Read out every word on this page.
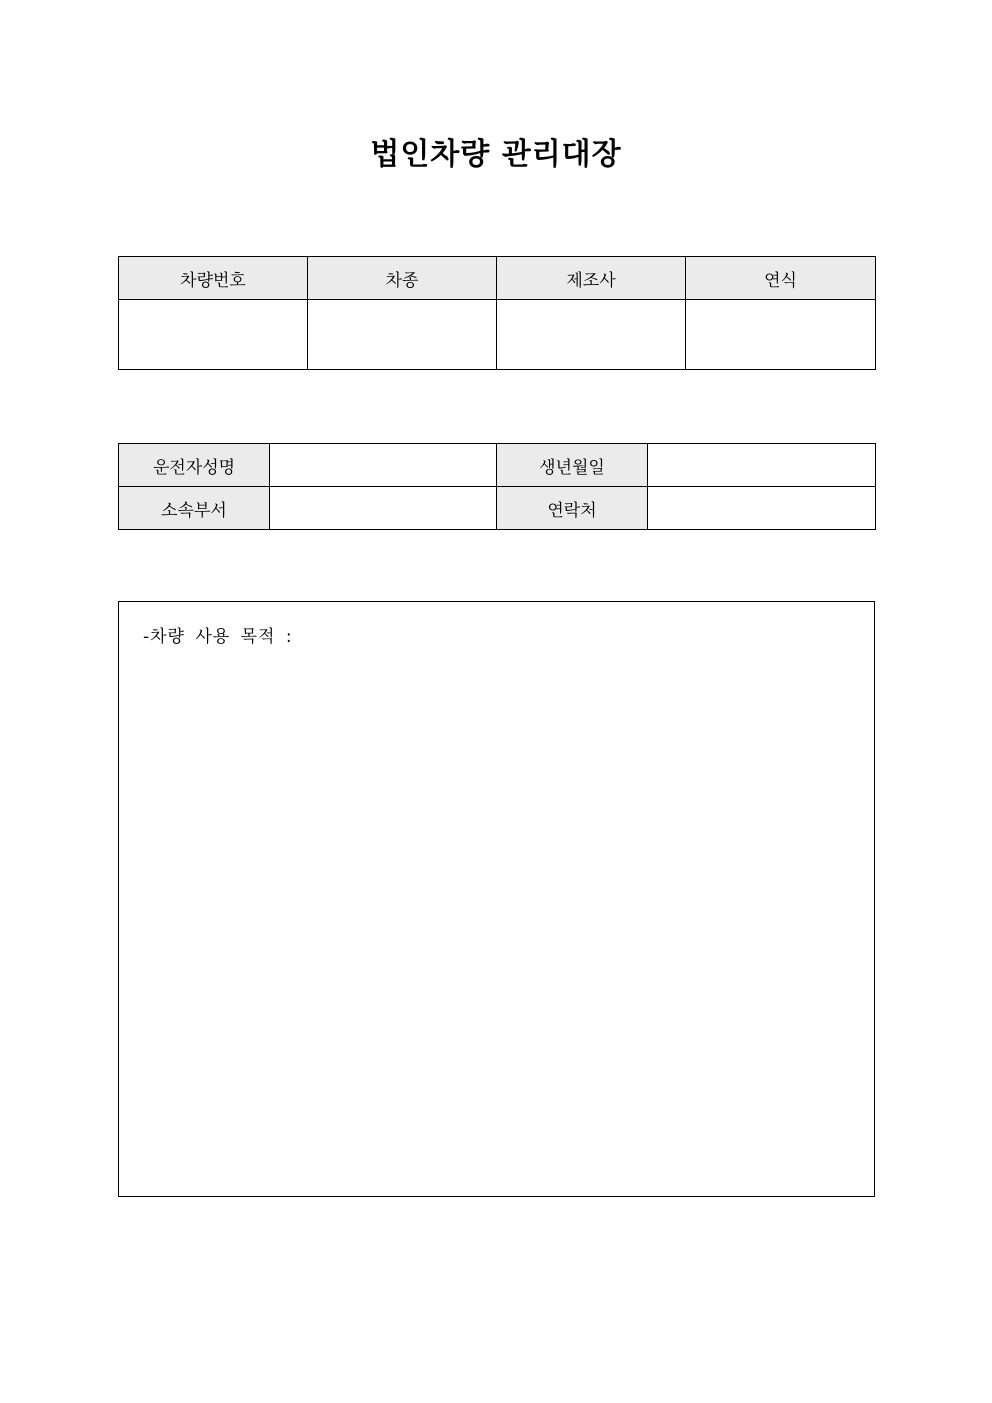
법인차량 관리대장
차량번호	차종	제조사	연식

운전자성명		생년월일	
소속부서		연락처	
-차량 사용 목적 :
